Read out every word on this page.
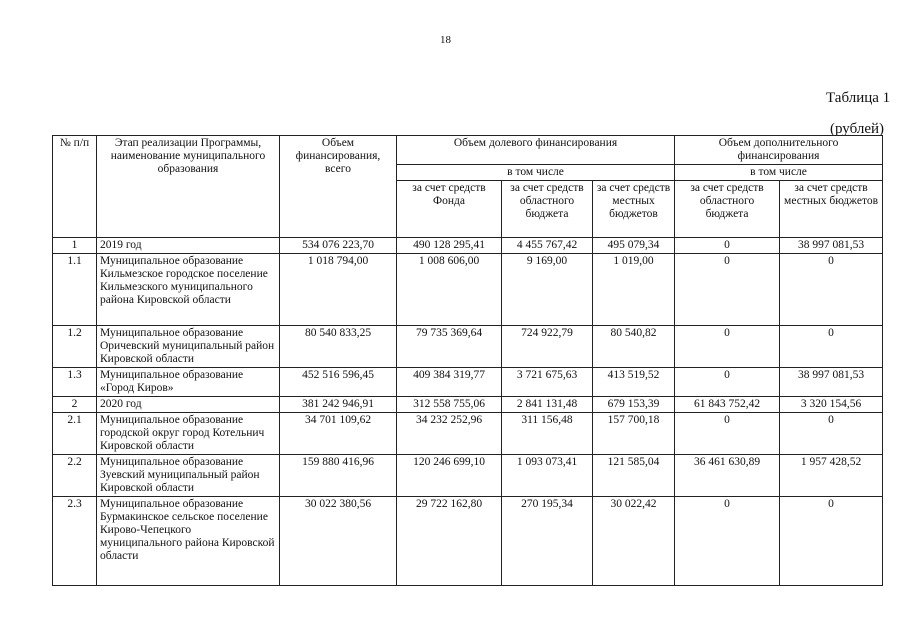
18
Таблица 1
(рублей)
№ п/п	Этап реализации Программы, наименование муниципального образования	Объем финансирования, всего	Объем долевого финансирования			Объем дополнительного финансирования	
			в том числе			в том числе	
			за счет средств Фонда	за счет средств областного бюджета	за счет средств местных бюджетов	за счет средств областного бюджета	за счет средств местных бюджетов
1	2019 год	534 076 223,70	490 128 295,41	4 455 767,42	495 079,34	0	38 997 081,53
1.1	Муниципальное образование Кильмезское городское поселение Кильмезского муниципального района Кировской области	1 018 794,00	1 008 606,00	9 169,00	1 019,00	0	0
1.2	Муниципальное образование Оричевский муниципальный район Кировской области	80 540 833,25	79 735 369,64	724 922,79	80 540,82	0	0
1.3	Муниципальное образование «Город Киров»	452 516 596,45	409 384 319,77	3 721 675,63	413 519,52	0	38 997 081,53
2	2020 год	381 242 946,91	312 558 755,06	2 841 131,48	679 153,39	61 843 752,42	3 320 154,56
2.1	Муниципальное образование городской округ город Котельнич Кировской области	34 701 109,62	34 232 252,96	311 156,48	157 700,18	0	0
2.2	Муниципальное образование Зуевский муниципальный район Кировской области	159 880 416,96	120 246 699,10	1 093 073,41	121 585,04	36 461 630,89	1 957 428,52
2.3	Муниципальное образование Бурмакинское сельское поселение Кирово-Чепецкого муниципального района Кировской области	30 022 380,56	29 722 162,80	270 195,34	30 022,42	0	0
